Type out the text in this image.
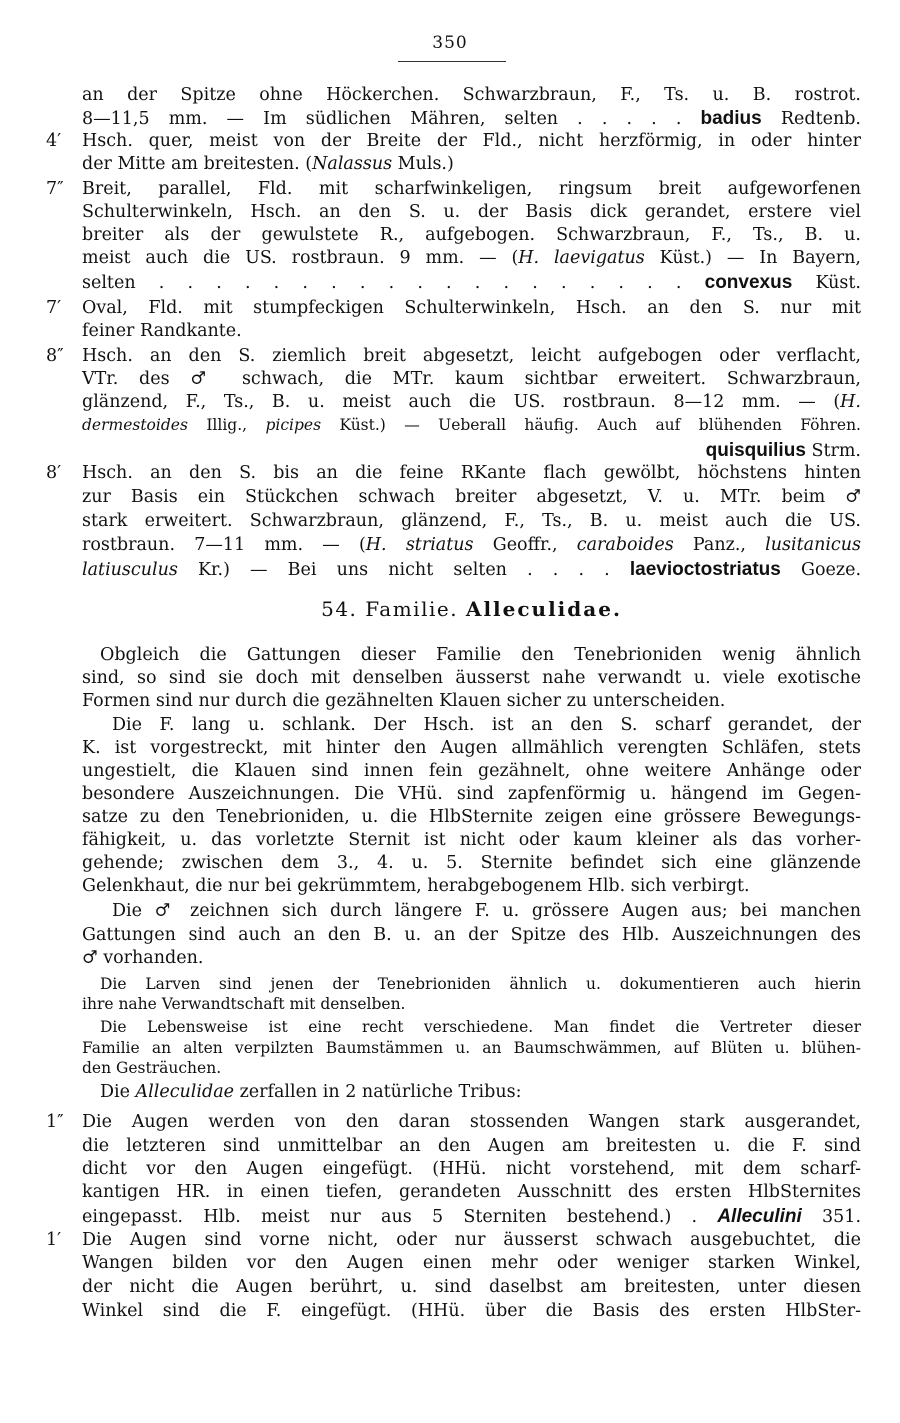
350
an der Spitze ohne Höckerchen. Schwarzbraun, F., Ts. u. B. rostrot.
8—11,5 mm. — Im südlichen Mähren, selten . . . . . badius Redtenb.
4′	Hsch. quer, meist von der Breite der Fld., nicht herzförmig, in oder hinter
der Mitte am breitesten. (Nalassus Muls.)
7″	Breit, parallel, Fld. mit scharfwinkeligen, ringsum breit aufgeworfenen
Schulterwinkeln, Hsch. an den S. u. der Basis dick gerandet, erstere viel
breiter als der gewulstete R., aufgebogen. Schwarzbraun, F., Ts., B. u.
meist auch die US. rostbraun. 9 mm. — (H. laevigatus Küst.) — In Bayern,
selten . . . . . . . . . . . . . . . . . . . convexus Küst.
7′	Oval, Fld. mit stumpfeckigen Schulterwinkeln, Hsch. an den S. nur mit
feiner Randkante.
8″	Hsch. an den S. ziemlich breit abgesetzt, leicht aufgebogen oder verflacht,
VTr. des ♂ schwach, die MTr. kaum sichtbar erweitert. Schwarzbraun,
glänzend, F., Ts., B. u. meist auch die US. rostbraun. 8—12 mm. — (H.
dermestoides Illig., picipes Küst.) — Ueberall häufig. Auch auf blühenden Föhren.
quisquilius Strm.
8′	Hsch. an den S. bis an die feine RKante flach gewölbt, höchstens hinten
zur Basis ein Stückchen schwach breiter abgesetzt, V. u. MTr. beim ♂
stark erweitert. Schwarzbraun, glänzend, F., Ts., B. u. meist auch die US.
rostbraun. 7—11 mm. — (H. striatus Geoffr., caraboides Panz., lusitanicus
latiusculus Kr.) — Bei uns nicht selten . . . . laevioctostriatus Goeze.
54. Familie. Alleculidae.
Obgleich die Gattungen dieser Familie den Tenebrioniden wenig ähnlich
sind, so sind sie doch mit denselben äusserst nahe verwandt u. viele exotische
Formen sind nur durch die gezähnelten Klauen sicher zu unterscheiden.
Die F. lang u. schlank. Der Hsch. ist an den S. scharf gerandet, der
K. ist vorgestreckt, mit hinter den Augen allmählich verengten Schläfen, stets
ungestielt, die Klauen sind innen fein gezähnelt, ohne weitere Anhänge oder
besondere Auszeichnungen. Die VHü. sind zapfenförmig u. hängend im Gegen-
satze zu den Tenebrioniden, u. die HlbSternite zeigen eine grössere Bewegungs-
fähigkeit, u. das vorletzte Sternit ist nicht oder kaum kleiner als das vorher-
gehende; zwischen dem 3., 4. u. 5. Sternite befindet sich eine glänzende
Gelenkhaut, die nur bei gekrümmtem, herabgebogenem Hlb. sich verbirgt.
Die ♂ zeichnen sich durch längere F. u. grössere Augen aus; bei manchen
Gattungen sind auch an den B. u. an der Spitze des Hlb. Auszeichnungen des
♂ vorhanden.
Die Larven sind jenen der Tenebrioniden ähnlich u. dokumentieren auch hierin
ihre nahe Verwandtschaft mit denselben.
Die Lebensweise ist eine recht verschiedene. Man findet die Vertreter dieser
Familie an alten verpilzten Baumstämmen u. an Baumschwämmen, auf Blüten u. blühen-
den Gesträuchen.
Die Alleculidae zerfallen in 2 natürliche Tribus:
1″	Die Augen werden von den daran stossenden Wangen stark ausgerandet,
die letzteren sind unmittelbar an den Augen am breitesten u. die F. sind
dicht vor den Augen eingefügt. (HHü. nicht vorstehend, mit dem scharf-
kantigen HR. in einen tiefen, gerandeten Ausschnitt des ersten HlbSternites
eingepasst. Hlb. meist nur aus 5 Sterniten bestehend.) . Alleculini 351.
1′	Die Augen sind vorne nicht, oder nur äusserst schwach ausgebuchtet, die
Wangen bilden vor den Augen einen mehr oder weniger starken Winkel,
der nicht die Augen berührt, u. sind daselbst am breitesten, unter diesen
Winkel sind die F. eingefügt. (HHü. über die Basis des ersten HlbSter-
